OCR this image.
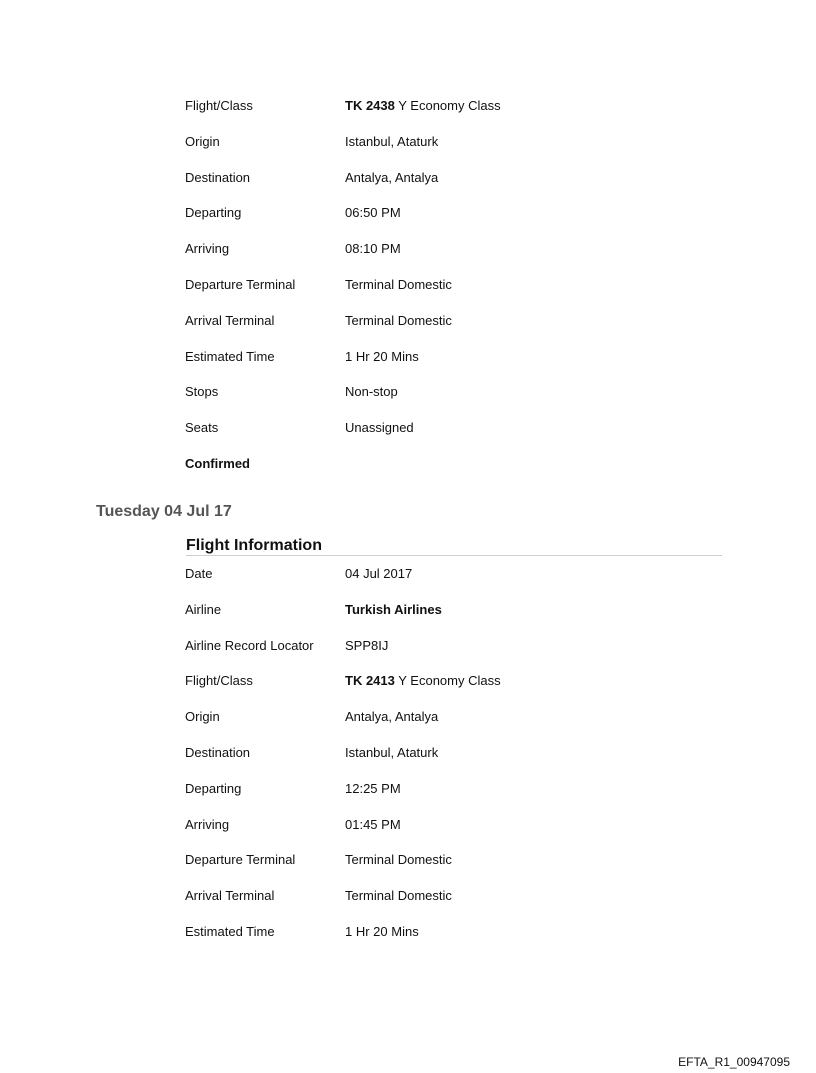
Flight/Class	TK 2438 Y Economy Class
Origin	Istanbul, Ataturk
Destination	Antalya, Antalya
Departing	06:50 PM
Arriving	08:10 PM
Departure Terminal	Terminal Domestic
Arrival Terminal	Terminal Domestic
Estimated Time	1 Hr 20 Mins
Stops	Non-stop
Seats	Unassigned
Confirmed
Tuesday 04 Jul 17
Flight Information
Date	04 Jul 2017
Airline	Turkish Airlines
Airline Record Locator	SPP8IJ
Flight/Class	TK 2413 Y Economy Class
Origin	Antalya, Antalya
Destination	Istanbul, Ataturk
Departing	12:25 PM
Arriving	01:45 PM
Departure Terminal	Terminal Domestic
Arrival Terminal	Terminal Domestic
Estimated Time	1 Hr 20 Mins
EFTA_R1_00947095
